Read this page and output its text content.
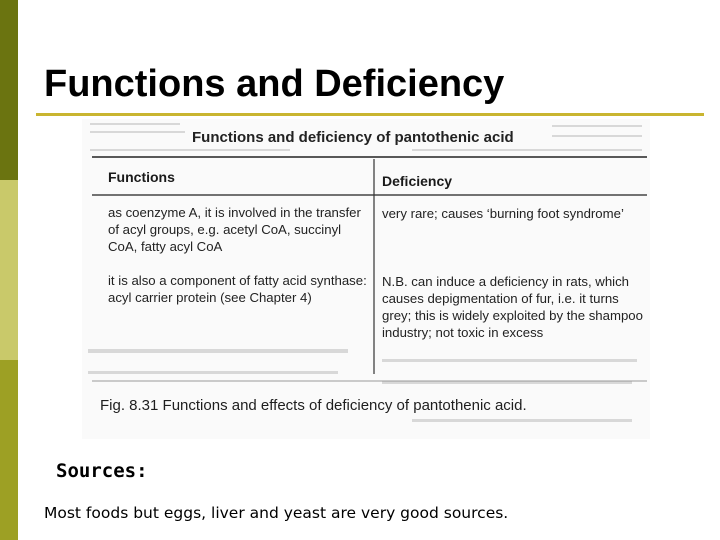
Functions and Deficiency

Functions and deficiency of pantothenic acid

Functions	Deficiency

as coenzyme A, it is involved in the transfer of acyl groups, e.g. acetyl CoA, succinyl CoA, fatty acyl CoA

it is also a component of fatty acid synthase: acyl carrier protein (see Chapter 4)

very rare; causes ‘burning foot syndrome’

N.B. can induce a deficiency in rats, which causes depigmentation of fur, i.e. it turns grey; this is widely exploited by the shampoo industry; not toxic in excess

Fig. 8.31 Functions and effects of deficiency of pantothenic acid.

Sources:

Most foods but eggs, liver and yeast are very good sources.
